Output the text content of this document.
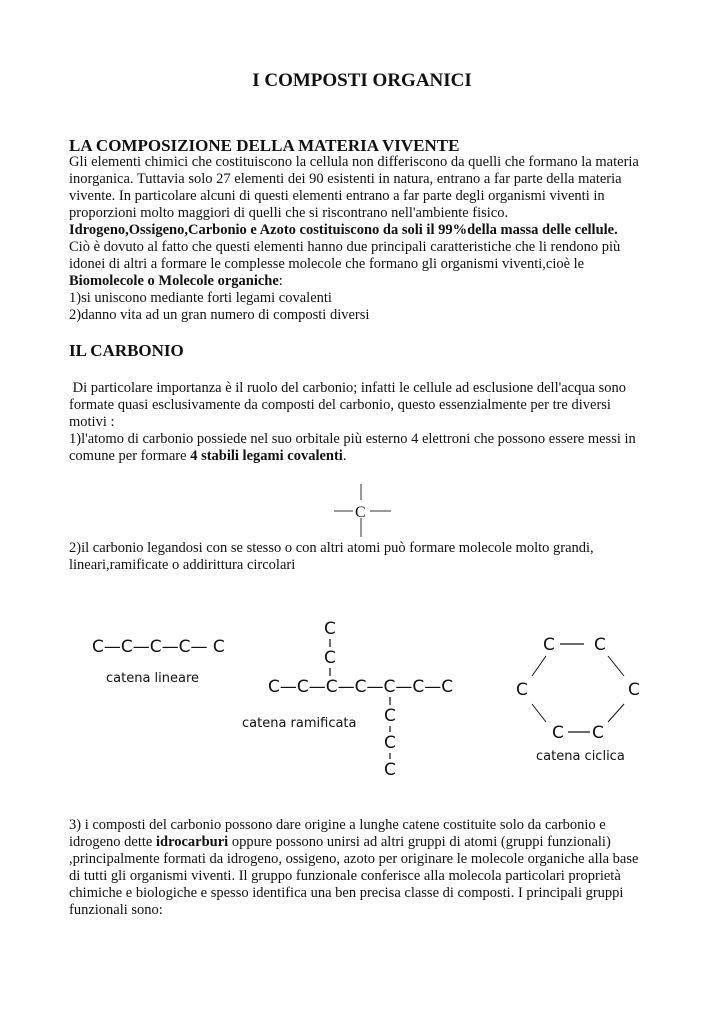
I COMPOSTI ORGANICI
LA COMPOSIZIONE DELLA MATERIA VIVENTE
Gli elementi chimici che costituiscono la cellula non differiscono da quelli che formano la materia
inorganica. Tuttavia solo 27 elementi dei 90 esistenti in natura, entrano a far parte della materia
vivente. In particolare alcuni di questi elementi entrano a far parte degli organismi viventi in
proporzioni molto maggiori di quelli che si riscontrano nell'ambiente fisico.
Idrogeno,Ossigeno,Carbonio e Azoto costituiscono da soli il 99%della massa delle cellule.
Ciò è dovuto al fatto che questi elementi hanno due principali caratteristiche che li rendono più
idonei di altri a formare le complesse molecole che formano gli organismi viventi,cioè le
Biomolecole o Molecole organiche:
1)si uniscono mediante forti legami covalenti
2)danno vita ad un gran numero di composti diversi
IL CARBONIO
Di particolare importanza è il ruolo del carbonio; infatti le cellule ad esclusione dell'acqua sono
formate quasi esclusivamente da composti del carbonio, questo essenzialmente per tre diversi
motivi :
1)l'atomo di carbonio possiede nel suo orbitale più esterno 4 elettroni che possono essere messi in
comune per formare 4 stabili legami covalenti.
C
2)il carbonio legandosi con se stesso o con altri atomi può formare molecole molto grandi,
lineari,ramificate o addirittura circolari
C—C—C—C— C
catena lineare
C
C
C—C—C—C—C—C—C
C
C
C
catena ramificata
C C
C	C
C C
catena ciclica
3) i composti del carbonio possono dare origine a lunghe catene costituite solo da carbonio e
idrogeno dette idrocarburi oppure possono unirsi ad altri gruppi di atomi (gruppi funzionali)
,principalmente formati da idrogeno, ossigeno, azoto per originare le molecole organiche alla base
di tutti gli organismi viventi. Il gruppo funzionale conferisce alla molecola particolari proprietà
chimiche e biologiche e spesso identifica una ben precisa classe di composti. I principali gruppi
funzionali sono:
